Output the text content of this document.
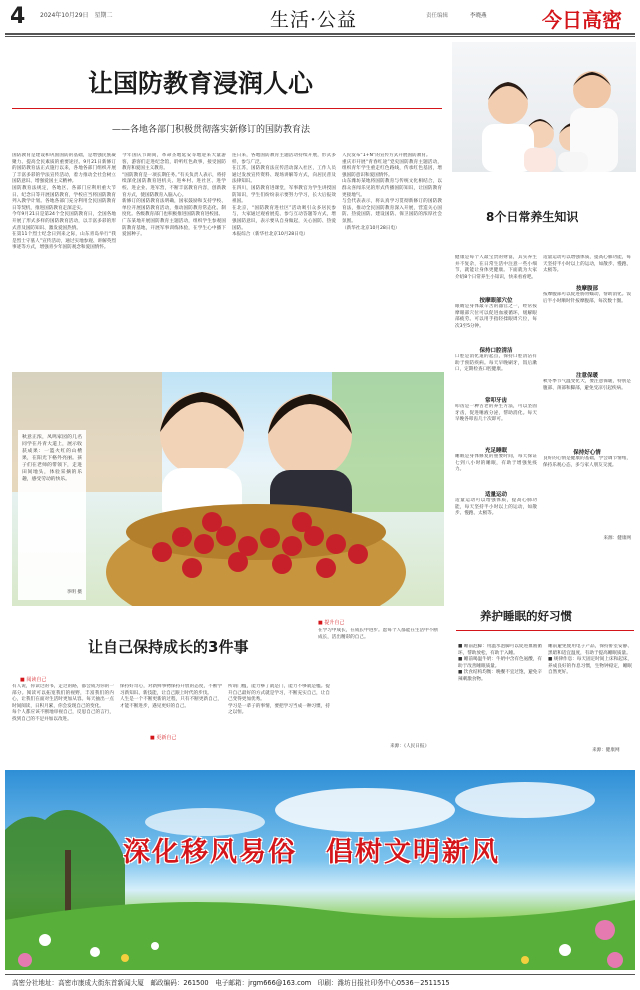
4 2024年10月29日　星期二	生活·公益	责任编辑	李晓燕	今日高密
让国防教育浸润人心
——各地各部门积极贯彻落实新修订的国防教育法
国防教育是建设和巩固国防的基础，是增强民族凝聚力、提高全民素质的重要途径。9月21日新修订的国防教育法正式施行以来，各地各部门组织开展了丰富多彩的学法宣传活动，着力推动全社会树立国防意识、增强爱国主义精神。
国防教育法规定，各地区、各部门应利用重大节日、纪念日等开展国防教育，学校应当将国防教育列入教学计划。各地各部门充分利用全民国防教育日等契机，推进国防教育走深走实。
今年9月21日是第24个全民国防教育日，全国各地开展了形式多样的国防教育活动，以丰富多彩的形式普及国防知识、激发爱国热情。
在第11个烈士纪念日到来之际，山东青岛举行“我是烈士守墓人”宣传活动，通过实地参观、讲解英烈事迹等方式，增强青少年国防观念和爱国情怀。
今年国庆节期间，革命圣地延安等地迎来大量游客，游客们走进纪念馆，聆听红色故事，接受国防教育和爱国主义教育。
“国防教育是一项长期任务。”有关负责人表示，将持续深化国防教育进机关、进乡村、进社区、进学校、进企业、进军营，不断丰富教育内容，创新教育方式，使国防教育入脑入心。
新修订的国防教育法明确，国家鼓励和支持学校、单位开展国防教育活动，推动国防教育常态化、制度化。各级教育部门也积极推进国防教育进校园。
广东某地开展国防教育主题活动，组织学生参观国防教育基地，开展军事训练体验，在学生心中播下爱国种子。
连日来，各地国防教育主题活动持续开展，形式多样，参与广泛。
在江苏，国防教育法宣传活动深入社区，工作人员通过发放宣传资料、现场讲解等方式，向居民普及法律知识。
在四川，国防教育进课堂，军事教官为学生讲授国防知识，学生们纷纷表示要努力学习，长大后报效祖国。
在北京，“国防教育进社区”活动吸引众多居民参与，大家通过观看展览、参与互动答题等方式，增强国防意识，表示要从自身做起，关心国防、热爱国防。
本报综合（新华社北京10月28日电）
人民发布“1+N”的宣传方式开展国防教育。
重庆市开展“青春红途”党史国防教育主题活动，组织青年学生重走红色路线，传承红色基因，增强国防意识和爱国情怀。
山东潍坊某地将国防教育与传统文化相结合，以群众喜闻乐见的形式传播国防知识，让国防教育更接地气。
与会代表表示，将认真学习贯彻新修订的国防教育法，推动全民国防教育深入开展，营造关心国防、热爱国防、建设国防、保卫国防的浓厚社会氛围。
（新华社北京10月28日电）
8个日常养生知识
健康是每个人最宝贵的财富，其实养生并不复杂，在日常生活中注意一些小细节，就能让身体更健康。下面就为大家介绍8个日常养生小知识，快来看看吧。
按摩眼部穴位
眼睛是身体最辛苦的器官之一，经常按摩眼部穴位可以促进血液循环，缓解眼部疲劳。可以用手指轻揉眼周穴位，每次3至5分钟。
保持口腔清洁
口腔是消化道的起点，保持口腔清洁有助于预防疾病。每天早晚刷牙，饭后漱口，定期检查口腔健康。
常叩牙齿
叩齿是一种古老的养生方法，可以坚固牙齿，促进唾液分泌，帮助消化。每天早晚各叩齿几十次即可。
充足睡眠
睡眠是身体修复的重要时间，每天保证七到八小时的睡眠，有助于增强免疫力。
适量运动
适量运动可以增强体质，提高心肺功能，每天坚持半小时以上的运动，如散步、慢跑、太极等。
适量运动可以增强体质，提高心肺功能，每天坚持半小时以上的运动，如散步、慢跑、太极等。
按摩腹部
按摩腹部可以促进肠胃蠕动，帮助消化。饭后半小时顺时针按摩腹部，每次数十圈。
注意保暖
秋冬季节气温变化大，要注意保暖，特别是腹部、颈部和脚部，避免受凉引起疾病。
保持好心情
良好的心情是健康的基础，学会调节情绪，保持乐观心态，多与家人朋友交流。
来源：健康网
秋意正浓，凤鸣家园的几名同学在丹青大道上，展示收获成果：一篮火红的山楂果，在阳光下格外亮丽。孩子们在老师的带领下，走进田间地头，体验采摘的乐趣，感受劳动的快乐。
李明 摄
让自己保持成长的3件事
■ 阅读自己
有人说，你读过的书，走过的路，都会成为你的一部分。阅读可以拓宽我们的视野，丰富我们的内心，让我们在面对生活时更加从容。每天抽出一点时间阅读，日积月累，你会发现自己的变化。
每个人都应该不断地审视自己，反思自己的言行，找到自己的不足并加以改进。
■ 更新自己
保持好奇心，对新鲜事物保持开放的态度，不断学习新知识、新技能，让自己跟上时代的步伐。
人生是一个不断更新的过程，只有不断更新自己，才能不断进步，遇见更好的自己。
■ 提升自己
所谓门槛，能力够了就是门，能力不够就是槛。提升自己最好的方式就是学习，不断充实自己，让自己变得更加优秀。
学习是一辈子的事情，要把学习当成一种习惯，持之以恒。
在学习中成长，在成长中进步。愿每个人都能在生活中不断成长，活出精彩的自己。
来源：《人民日报》
养护睡眠的好习惯
■ 睡前泡脚：用温水泡脚可以促进血液循环，帮助放松，有助于入睡。
■ 睡前喝温牛奶：牛奶中含有色氨酸，有助于改善睡眠质量。
■ 饮食结构均衡：晚餐不宜过饱，避免辛辣刺激食物。
睡前避免使用电子产品，保持卧室安静、黑暗和适宜温度，有助于提高睡眠质量。
■ 规律作息：每天固定时间上床和起床，养成良好的作息习惯，生物钟稳定，睡眠自然更好。
来源：健康网
深化移风易俗　倡树文明新风
高密分社地址：高密市康成大街东首新闻大厦　邮政编码：261500　电子邮箱：jrgm666@163.com　印刷：潍坊日报社印务中心0536－2511515
